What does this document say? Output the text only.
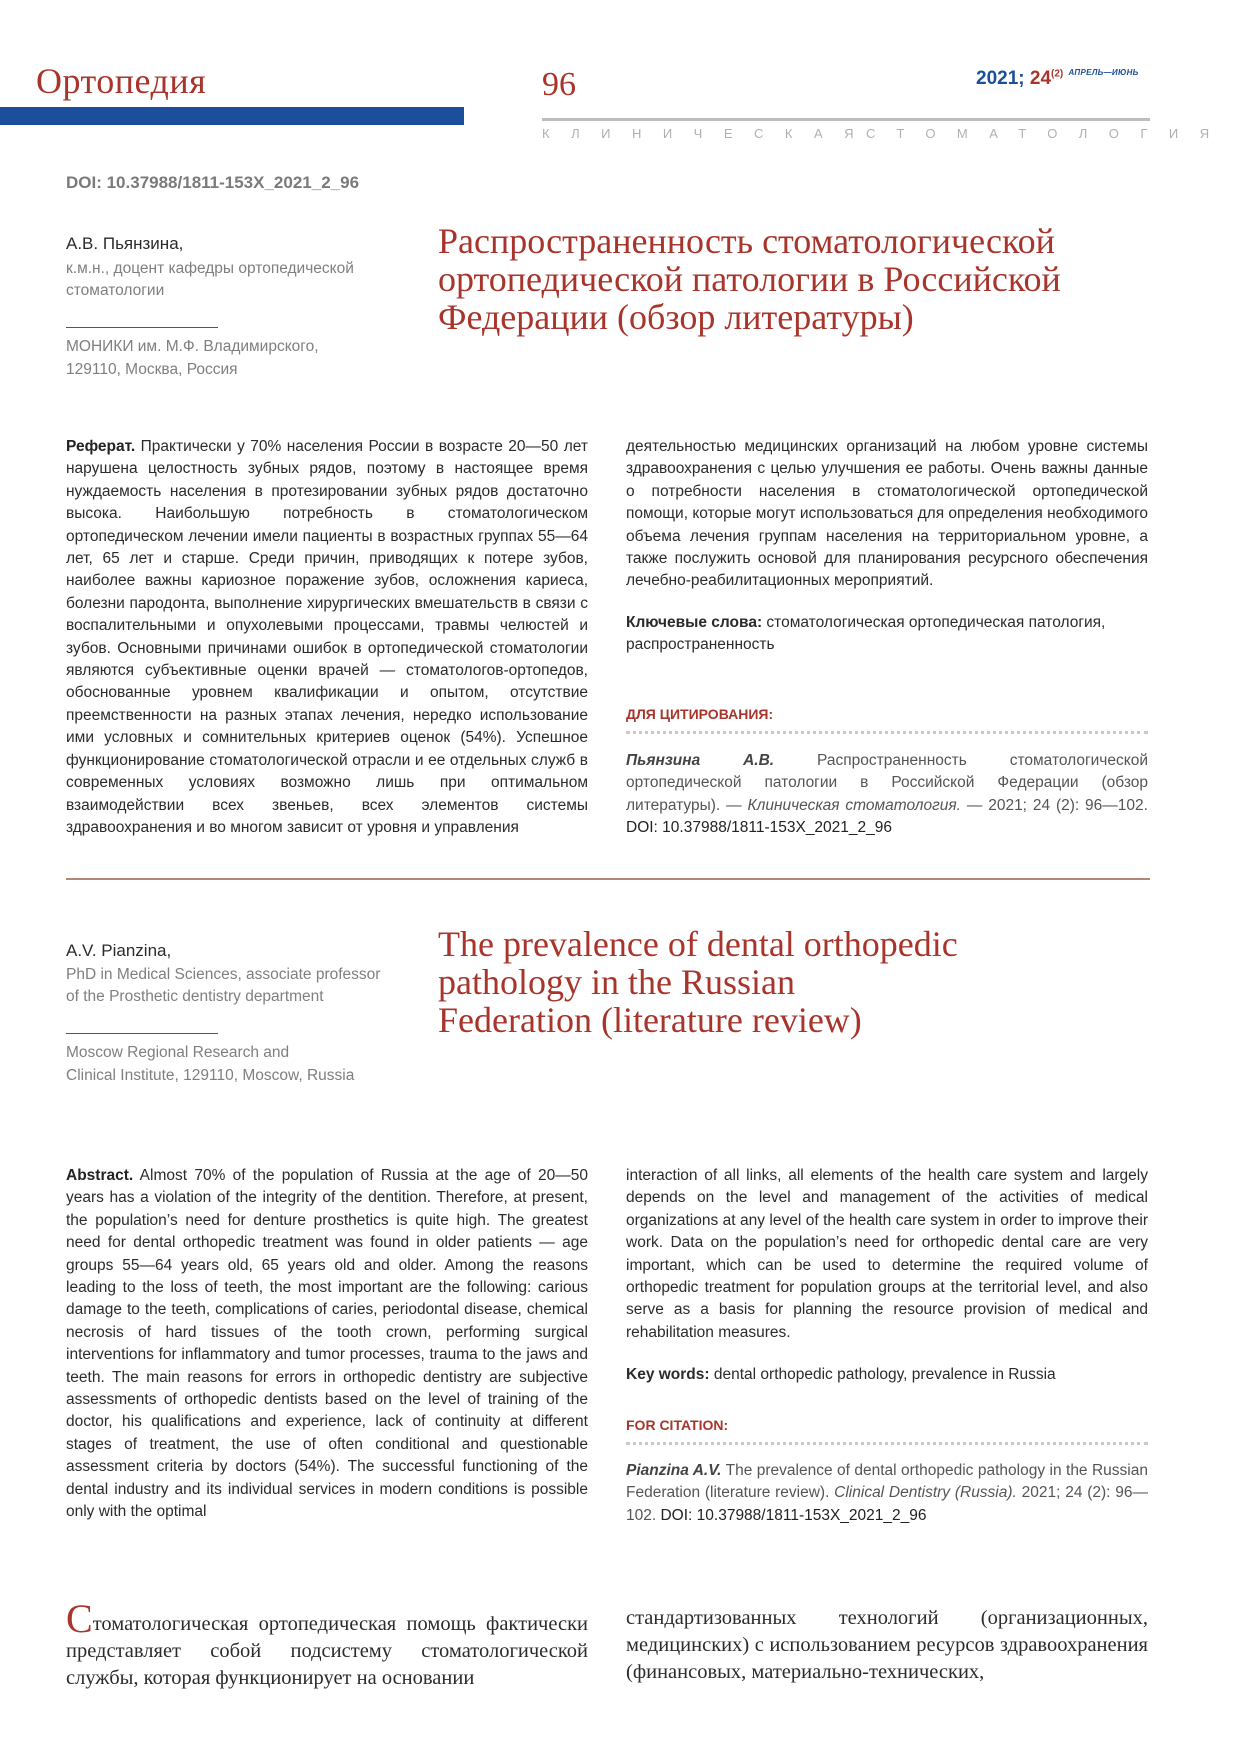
Ортопедия	96	2021; 24$^{(2)}$ $^{АПРЕЛЬ—ИЮНЬ}$
КЛИНИЧЕСКАЯ
СТОМАТОЛОГИЯ
DOI: 10.37988/1811-153X_2021_2_96
А.В. Пьянзина,
к.м.н., доцент кафедры ортопедической
стоматологии
МОНИКИ им. М.Ф. Владимирского,
129110, Москва, Россия
Распространенность стоматологической
ортопедической патологии в Российской
Федерации (обзор литературы)
Реферат. Практически у 70% населения России в возрасте 20—50 лет нарушена целостность зубных рядов, поэтому в настоящее время нуждаемость населения в протезировании зубных рядов достаточно высока. Наибольшую потребность в стоматологическом ортопедическом лечении имели пациенты в возрастных группах 55—64 лет, 65 лет и старше. Среди причин, приводящих к потере зубов, наиболее важны кариозное поражение зубов, осложнения кариеса, болезни пародонта, выполнение хирургических вмешательств в связи с воспалительными и опухолевыми процессами, травмы челюстей и зубов. Основными причинами ошибок в ортопедической стоматологии являются субъективные оценки врачей — стоматологов-ортопедов, обоснованные уровнем квалификации и опытом, отсутствие преемственности на разных этапах лечения, нередко использование ими условных и сомнительных критериев оценок (54%). Успешное функционирование стоматологической отрасли и ее отдельных служб в современных условиях возможно лишь при оптимальном взаимодействии всех звеньев, всех элементов системы здравоохранения и во многом зависит от уровня и управления
деятельностью медицинских организаций на любом уровне системы здравоохранения с целью улучшения ее работы. Очень важны данные о потребности населения в стоматологической ортопедической помощи, которые могут использоваться для определения необходимого объема лечения группам населения на территориальном уровне, а также послужить основой для планирования ресурсного обеспечения лечебно-реабилитационных мероприятий.
Ключевые слова: стоматологическая ортопедическая патология, распространенность
ДЛЯ ЦИТИРОВАНИЯ:
Пьянзина А.В.	Распространенность стоматологической ортопедической патологии в Российской Федерации (обзор литературы). — Клиническая стоматология. — 2021; 24 (2): 96—102. DOI: 10.37988/1811-153X_2021_2_96
A.V. Pianzina,
PhD in Medical Sciences, associate professor
of the Prosthetic dentistry department
Moscow Regional Research and
Clinical Institute, 129110, Moscow, Russia
The prevalence of dental orthopedic
pathology in the Russian
Federation (literature review)
Abstract. Almost 70% of the population of Russia at the age of 20—50 years has a violation of the integrity of the dentition. Therefore, at present, the population’s need for denture prosthetics is quite high. The greatest need for dental orthopedic treatment was found in older patients — age groups 55—64 years old, 65 years old and older. Among the reasons leading to the loss of teeth, the most important are the following: carious damage to the teeth, complications of caries, periodontal disease, chemical necrosis of hard tissues of the tooth crown, performing surgical interventions for inflammatory and tumor processes, trauma to the jaws and teeth. The main reasons for errors in orthopedic dentistry are subjective assessments of orthopedic dentists based on the level of training of the doctor, his qualifications and experience, lack of continuity at different stages of treatment, the use of often conditional and questionable assessment criteria by doctors (54%). The successful functioning of the dental industry and its individual services in modern conditions is possible only with the optimal
interaction of all links, all elements of the health care system and largely depends on the level and management of the activities of medical organizations at any level of the health care system in order to improve their work. Data on the population’s need for orthopedic dental care are very important, which can be used to determine the required volume of orthopedic treatment for population groups at the territorial level, and also serve as a basis for planning the resource provision of medical and rehabilitation measures.
Key words: dental orthopedic pathology, prevalence in Russia
FOR CITATION:
Pianzina A.V. The prevalence of dental orthopedic pathology in the Russian Federation (literature review). Clinical Dentistry (Russia). 2021; 24 (2): 96—102. DOI: 10.37988/1811-153X_2021_2_96
Стоматологическая ортопедическая помощь фактически представляет собой подсистему стоматологической службы, которая функционирует на основании
стандартизованных технологий (организационных, медицинских) с использованием ресурсов здравоохранения (финансовых, материально-технических,
